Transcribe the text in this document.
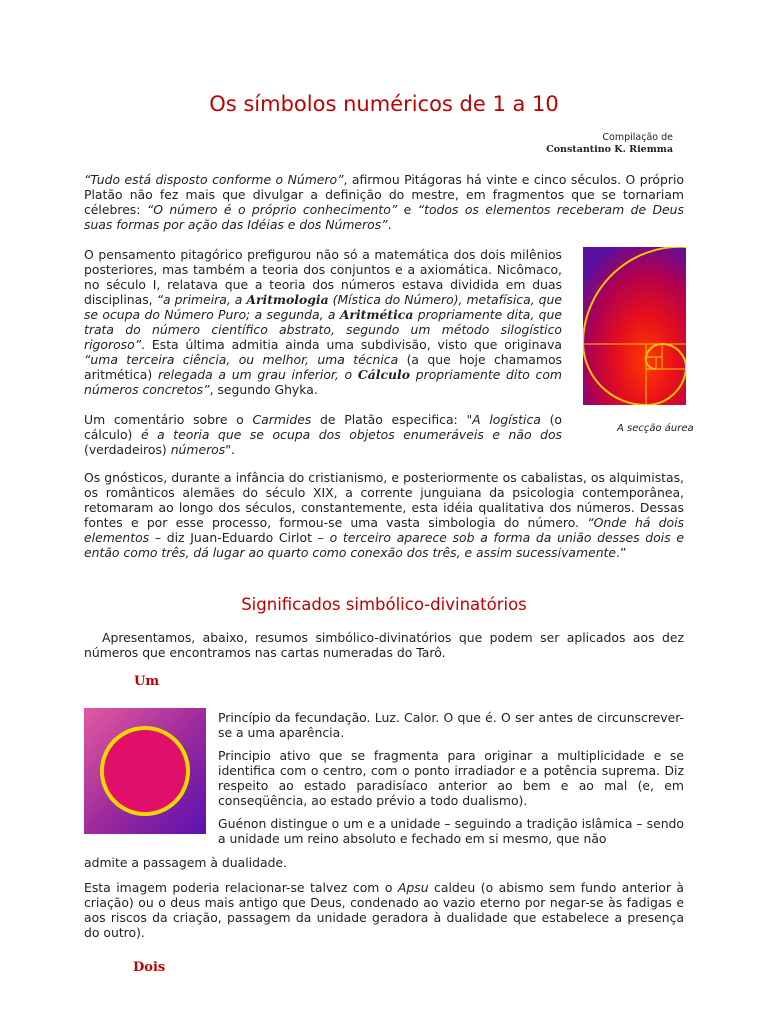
Os símbolos numéricos de 1 a 10
Compilação de
Constantino K. Riemma

“Tudo está disposto conforme o Número”, afirmou Pitágoras há vinte e cinco séculos. O próprio Platão não fez mais que divulgar a definição do mestre, em fragmentos que se tornariam célebres: “O número é o próprio conhecimento” e “todos os elementos receberam de Deus suas formas por ação das Idéias e dos Números”.

O pensamento pitagórico prefigurou não só a matemática dos dois milênios posteriores, mas também a teoria dos conjuntos e a axiomática. Nicômaco, no século I, relatava que a teoria dos números estava dividida em duas disciplinas, “a primeira, a Aritmologia (Mística do Número), metafísica, que se ocupa do Número Puro; a segunda, a Aritmética propriamente dita, que trata do número científico abstrato, segundo um método silogístico rigoroso”. Esta última admitia ainda uma subdivisão, visto que originava “uma terceira ciência, ou melhor, uma técnica (a que hoje chamamos aritmética) relegada a um grau inferior, o Cálculo propriamente dito com números concretos”, segundo Ghyka.

A secção áurea

Um comentário sobre o Carmides de Platão especifica: "A logística (o cálculo) é a teoria que se ocupa dos objetos enumeráveis e não dos (verdadeiros) números".

Os gnósticos, durante a infância do cristianismo, e posteriormente os cabalistas, os alquimistas, os românticos alemães do século XIX, a corrente junguiana da psicologia contemporânea, retomaram ao longo dos séculos, constantemente, esta idéia qualitativa dos números. Dessas fontes e por esse processo, formou-se uma vasta simbologia do número. “Onde há dois elementos – diz Juan-Eduardo Cirlot – o terceiro aparece sob a forma da união desses dois e então como três, dá lugar ao quarto como conexão dos três, e assim sucessivamente.”

Significados simbólico-divinatórios

Apresentamos, abaixo, resumos simbólico-divinatórios que podem ser aplicados aos dez números que encontramos nas cartas numeradas do Tarô.

Um

Princípio da fecundação. Luz. Calor. O que é. O ser antes de circunscrever-se a uma aparência.

Principio ativo que se fragmenta para originar a multiplicidade e se identifica com o centro, com o ponto irradiador e a potência suprema. Diz respeito ao estado paradisíaco anterior ao bem e ao mal (e, em conseqüência, ao estado prévio a todo dualismo).

Guénon distingue o um e a unidade – seguindo a tradição islâmica – sendo a unidade um reino absoluto e fechado em si mesmo, que não

admite a passagem à dualidade.

Esta imagem poderia relacionar-se talvez com o Apsu caldeu (o abismo sem fundo anterior à criação) ou o deus mais antigo que Deus, condenado ao vazio eterno por negar-se às fadigas e aos riscos da criação, passagem da unidade geradora à dualidade que estabelece a presença do outro).

Dois
